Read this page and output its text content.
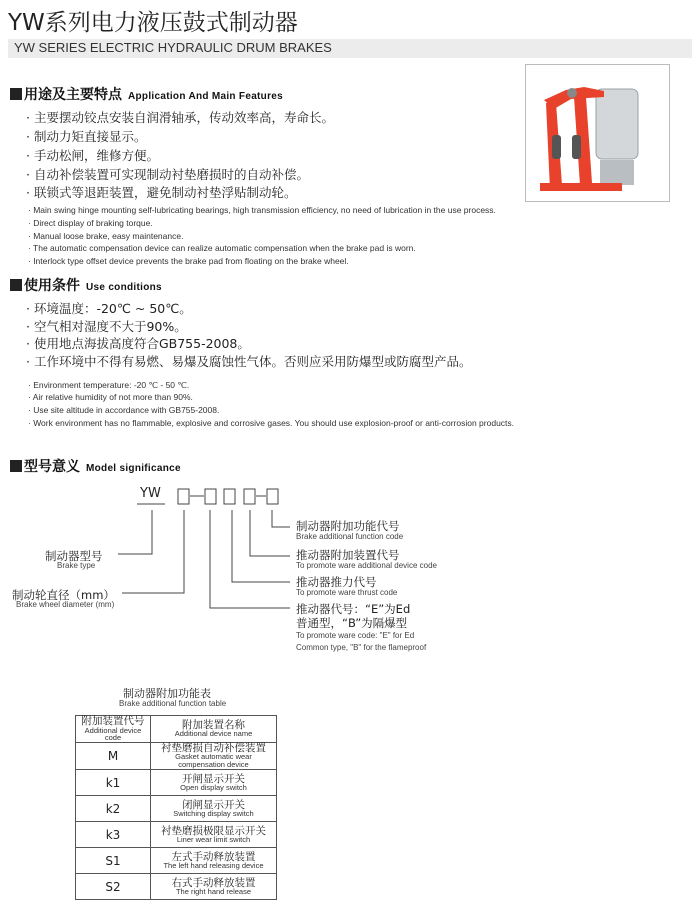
YW系列电力液压鼓式制动器
YW SERIES ELECTRIC HYDRAULIC DRUM BRAKES
用途及主要特点 Application And Main Features
· 主要摆动铰点安装自润滑轴承，传动效率高，寿命长。
· 制动力矩直接显示。
· 手动松闸，维修方便。
· 自动补偿装置可实现制动衬垫磨损时的自动补偿。
· 联锁式等退距装置，避免制动衬垫浮贴制动轮。
· Main swing hinge mounting self-lubricating bearings, high transmission efficiency, no need of lubrication in the use process.
· Direct display of braking torque.
· Manual loose brake, easy maintenance.
· The automatic compensation device can realize automatic compensation when the brake pad is worn.
· Interlock type offset device prevents the brake pad from floating on the brake wheel.
使用条件 Use conditions
· 环境温度：-20℃ ~ 50℃。
· 空气相对湿度不大于90%。
· 使用地点海拔高度符合GB755-2008。
· 工作环境中不得有易燃、易爆及腐蚀性气体。否则应采用防爆型或防腐型产品。
· Environment temperature: -20 ℃ - 50 ℃.
· Air relative humidity of not more than 90%.
· Use site altitude in accordance with GB755-2008.
· Work environment has no flammable, explosive and corrosive gases. You should use explosion-proof or anti-corrosion products.
型号意义 Model significance
YW
制动器型号
Brake type
制动轮直径（mm）
Brake wheel diameter (mm)
制动器附加功能代号
Brake additional function code
推动器附加装置代号
To promote ware additional device code
推动器推力代号
To promote ware thrust code
推动器代号：“E”为Ed
普通型，“B”为隔爆型
To promote ware code: "E" for Ed
Common type, "B" for the flameproof
制动器附加功能表
Brake additional function table
附加装置代号
Additional device code	附加装置名称
Additional device name

M	衬垫磨损自动补偿装置
Gasket automatic wear compensation device

k1	开闸显示开关
Open display switch

k2	闭闸显示开关
Switching display switch

k3	衬垫磨损极限显示开关
Liner wear limit switch

S1	左式手动释放装置
The left hand releasing device

S2	右式手动释放装置
The right hand release
